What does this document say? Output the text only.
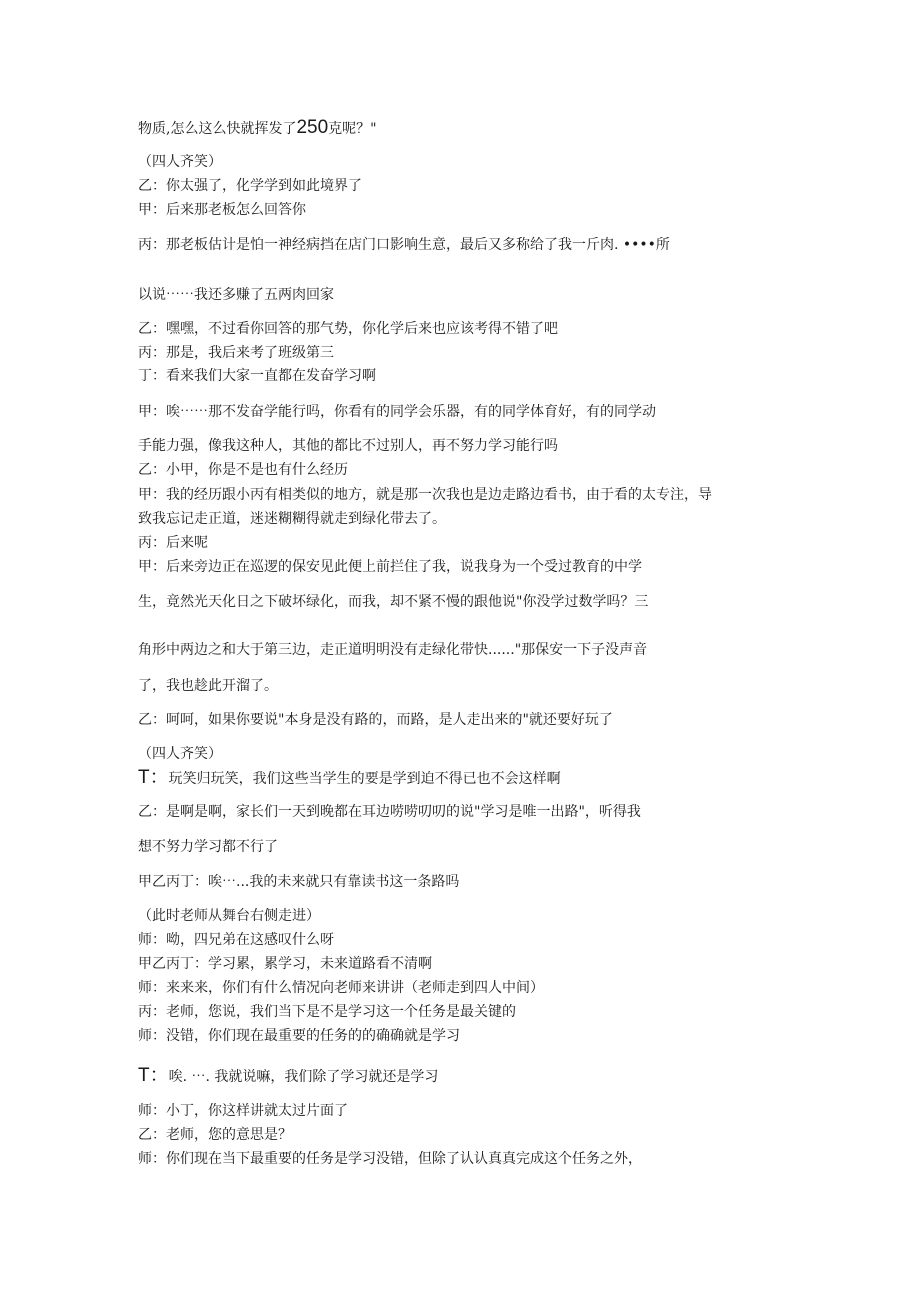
物质,怎么这么快就挥发了250克呢？"

（四人齐笑）

乙：你太强了，化学学到如此境界了

甲：后来那老板怎么回答你

丙：那老板估计是怕一神经病挡在店门口影响生意，最后又多称给了我一斤肉. ••••所

以说⋯⋯我还多赚了五两肉回家

乙：嘿嘿，不过看你回答的那气势，你化学后来也应该考得不错了吧

丙：那是，我后来考了班级第三

丁：看来我们大家一直都在发奋学习啊

甲：唉⋯⋯那不发奋学能行吗，你看有的同学会乐器，有的同学体育好，有的同学动

手能力强，像我这种人，其他的都比不过别人，再不努力学习能行吗

乙：小甲，你是不是也有什么经历

甲：我的经历跟小丙有相类似的地方，就是那一次我也是边走路边看书，由于看的太专注，导

致我忘记走正道，迷迷糊糊得就走到绿化带去了。

丙：后来呢

甲：后来旁边正在巡逻的保安见此便上前拦住了我，说我身为一个受过教育的中学

生，竟然光天化日之下破坏绿化，而我，却不紧不慢的跟他说"你没学过数学吗？三

角形中两边之和大于第三边，走正道明明没有走绿化带快......"那保安一下子没声音

了，我也趁此开溜了。

乙：呵呵，如果你要说"本身是没有路的，而路，是人走出来的"就还要好玩了

（四人齐笑）

T：玩笑归玩笑，我们这些当学生的要是学到迫不得已也不会这样啊

乙：是啊是啊，家长们一天到晚都在耳边唠唠叨叨的说"学习是唯一出路"，听得我

想不努力学习都不行了

甲乙丙丁：唉⋯...我的未来就只有靠读书这一条路吗

（此时老师从舞台右侧走进）

师：呦，四兄弟在这感叹什么呀

甲乙丙丁：学习累，累学习，未来道路看不清啊

师：来来来，你们有什么情况向老师来讲讲（老师走到四人中间）

丙：老师，您说，我们当下是不是学习这一个任务是最关键的

师：没错，你们现在最重要的任务的的确确就是学习

T：唉. ⋯. 我就说嘛，我们除了学习就还是学习

师：小丁，你这样讲就太过片面了

乙：老师，您的意思是？

师：你们现在当下最重要的任务是学习没错，但除了认认真真完成这个任务之外，
